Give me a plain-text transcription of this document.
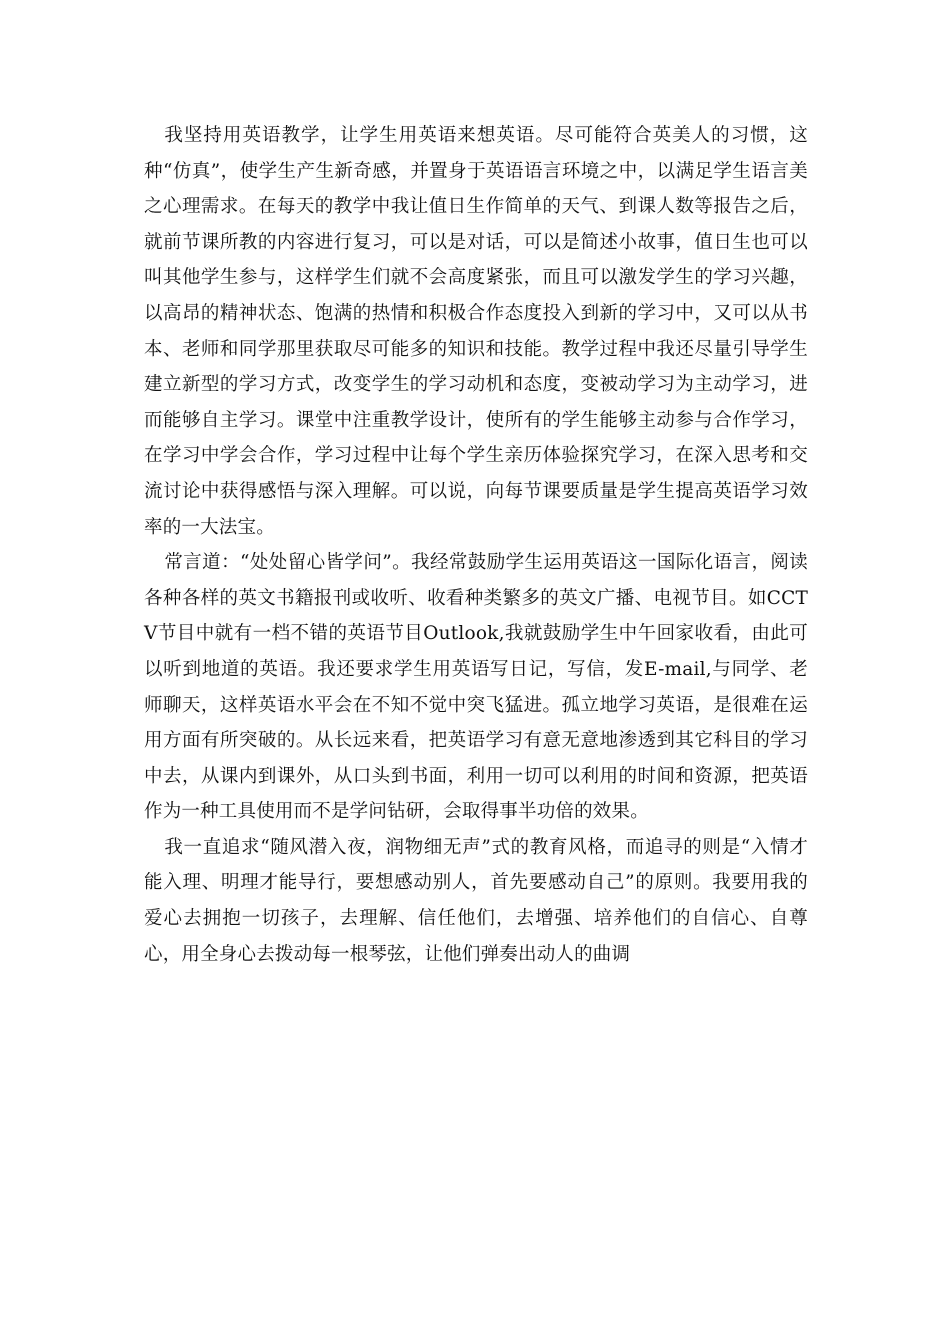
我坚持用英语教学，让学生用英语来想英语。尽可能符合英美人的习惯，这种“仿真”，使学生产生新奇感，并置身于英语语言环境之中，以满足学生语言美之心理需求。在每天的教学中我让值日生作简单的天气、到课人数等报告之后，就前节课所教的内容进行复习，可以是对话，可以是简述小故事，值日生也可以叫其他学生参与，这样学生们就不会高度紧张，而且可以激发学生的学习兴趣，以高昂的精神状态、饱满的热情和积极合作态度投入到新的学习中，又可以从书本、老师和同学那里获取尽可能多的知识和技能。教学过程中我还尽量引导学生建立新型的学习方式，改变学生的学习动机和态度，变被动学习为主动学习，进而能够自主学习。课堂中注重教学设计，使所有的学生能够主动参与合作学习，在学习中学会合作，学习过程中让每个学生亲历体验探究学习，在深入思考和交流讨论中获得感悟与深入理解。可以说，向每节课要质量是学生提高英语学习效率的一大法宝。

常言道：“处处留心皆学问”。我经常鼓励学生运用英语这一国际化语言，阅读各种各样的英文书籍报刊或收听、收看种类繁多的英文广播、电视节目。如CCTV节目中就有一档不错的英语节目Outlook,我就鼓励学生中午回家收看，由此可以听到地道的英语。我还要求学生用英语写日记，写信，发E-mail,与同学、老师聊天，这样英语水平会在不知不觉中突飞猛进。孤立地学习英语，是很难在运用方面有所突破的。从长远来看，把英语学习有意无意地渗透到其它科目的学习中去，从课内到课外，从口头到书面，利用一切可以利用的时间和资源，把英语作为一种工具使用而不是学问钻研，会取得事半功倍的效果。

我一直追求“随风潜入夜，润物细无声”式的教育风格，而追寻的则是“入情才能入理、明理才能导行，要想感动别人，首先要感动自己”的原则。我要用我的爱心去拥抱一切孩子，去理解、信任他们，去增强、培养他们的自信心、自尊心，用全身心去拨动每一根琴弦，让他们弹奏出动人的曲调
